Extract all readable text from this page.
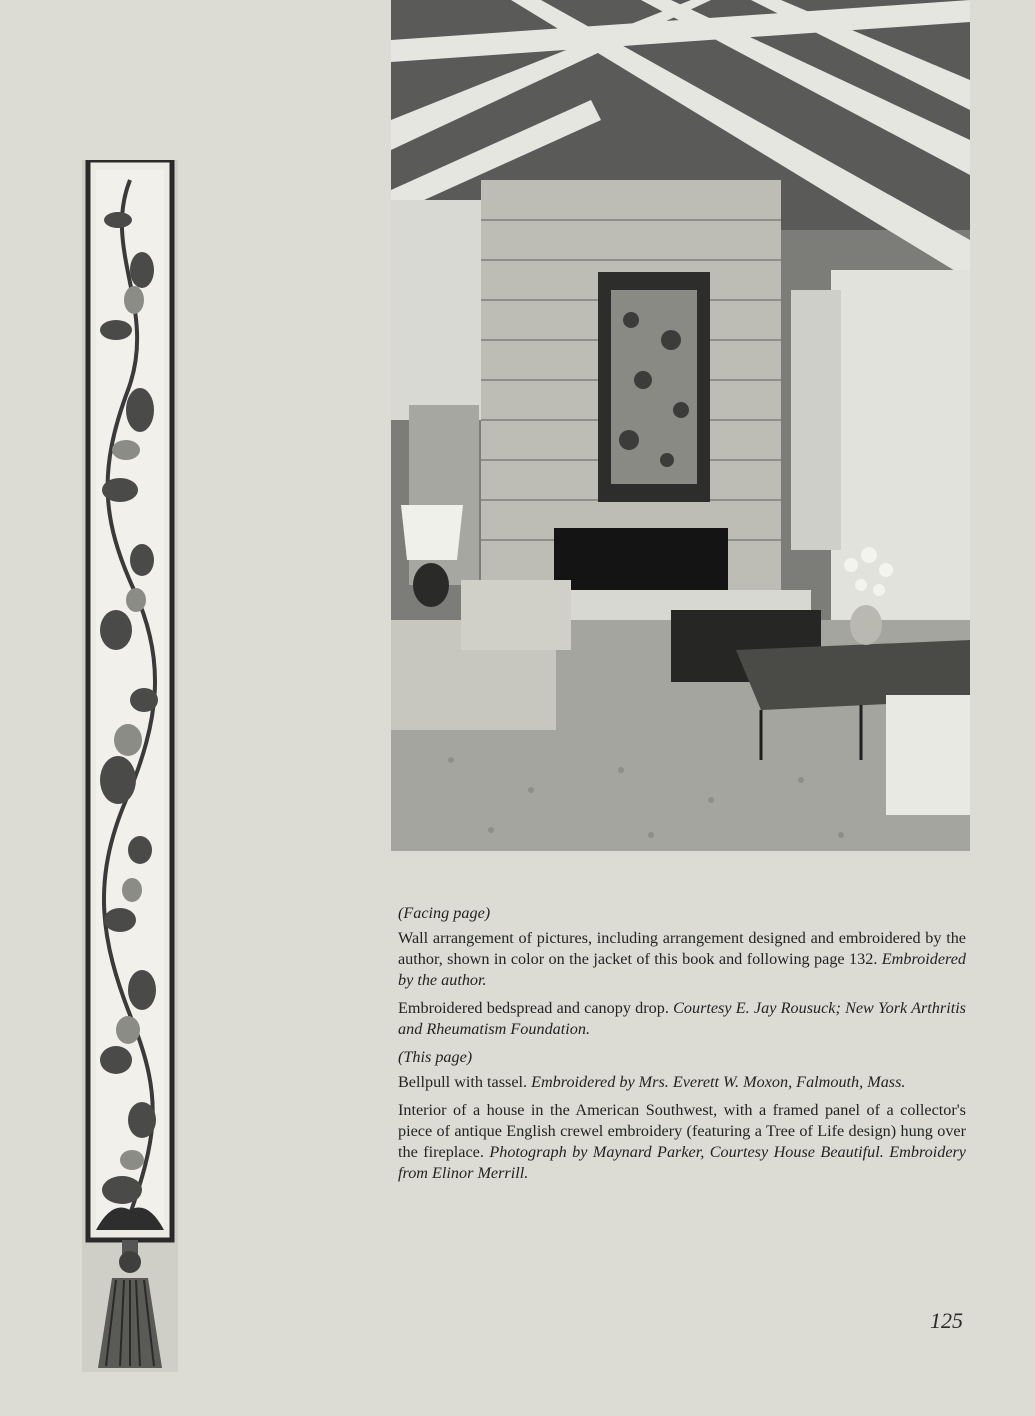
(Facing page)

Wall arrangement of pictures, including arrangement designed and embroidered by the author, shown in color on the jacket of this book and following page 132. Embroidered by the author.

Embroidered bedspread and canopy drop. Courtesy E. Jay Rousuck; New York Arthritis and Rheumatism Foundation.

(This page)

Bellpull with tassel. Embroidered by Mrs. Everett W. Moxon, Falmouth, Mass.

Interior of a house in the American Southwest, with a framed panel of a collector's piece of antique English crewel embroidery (featuring a Tree of Life design) hung over the fireplace. Photograph by Maynard Parker, Courtesy House Beautiful. Embroidery from Elinor Merrill.

125
